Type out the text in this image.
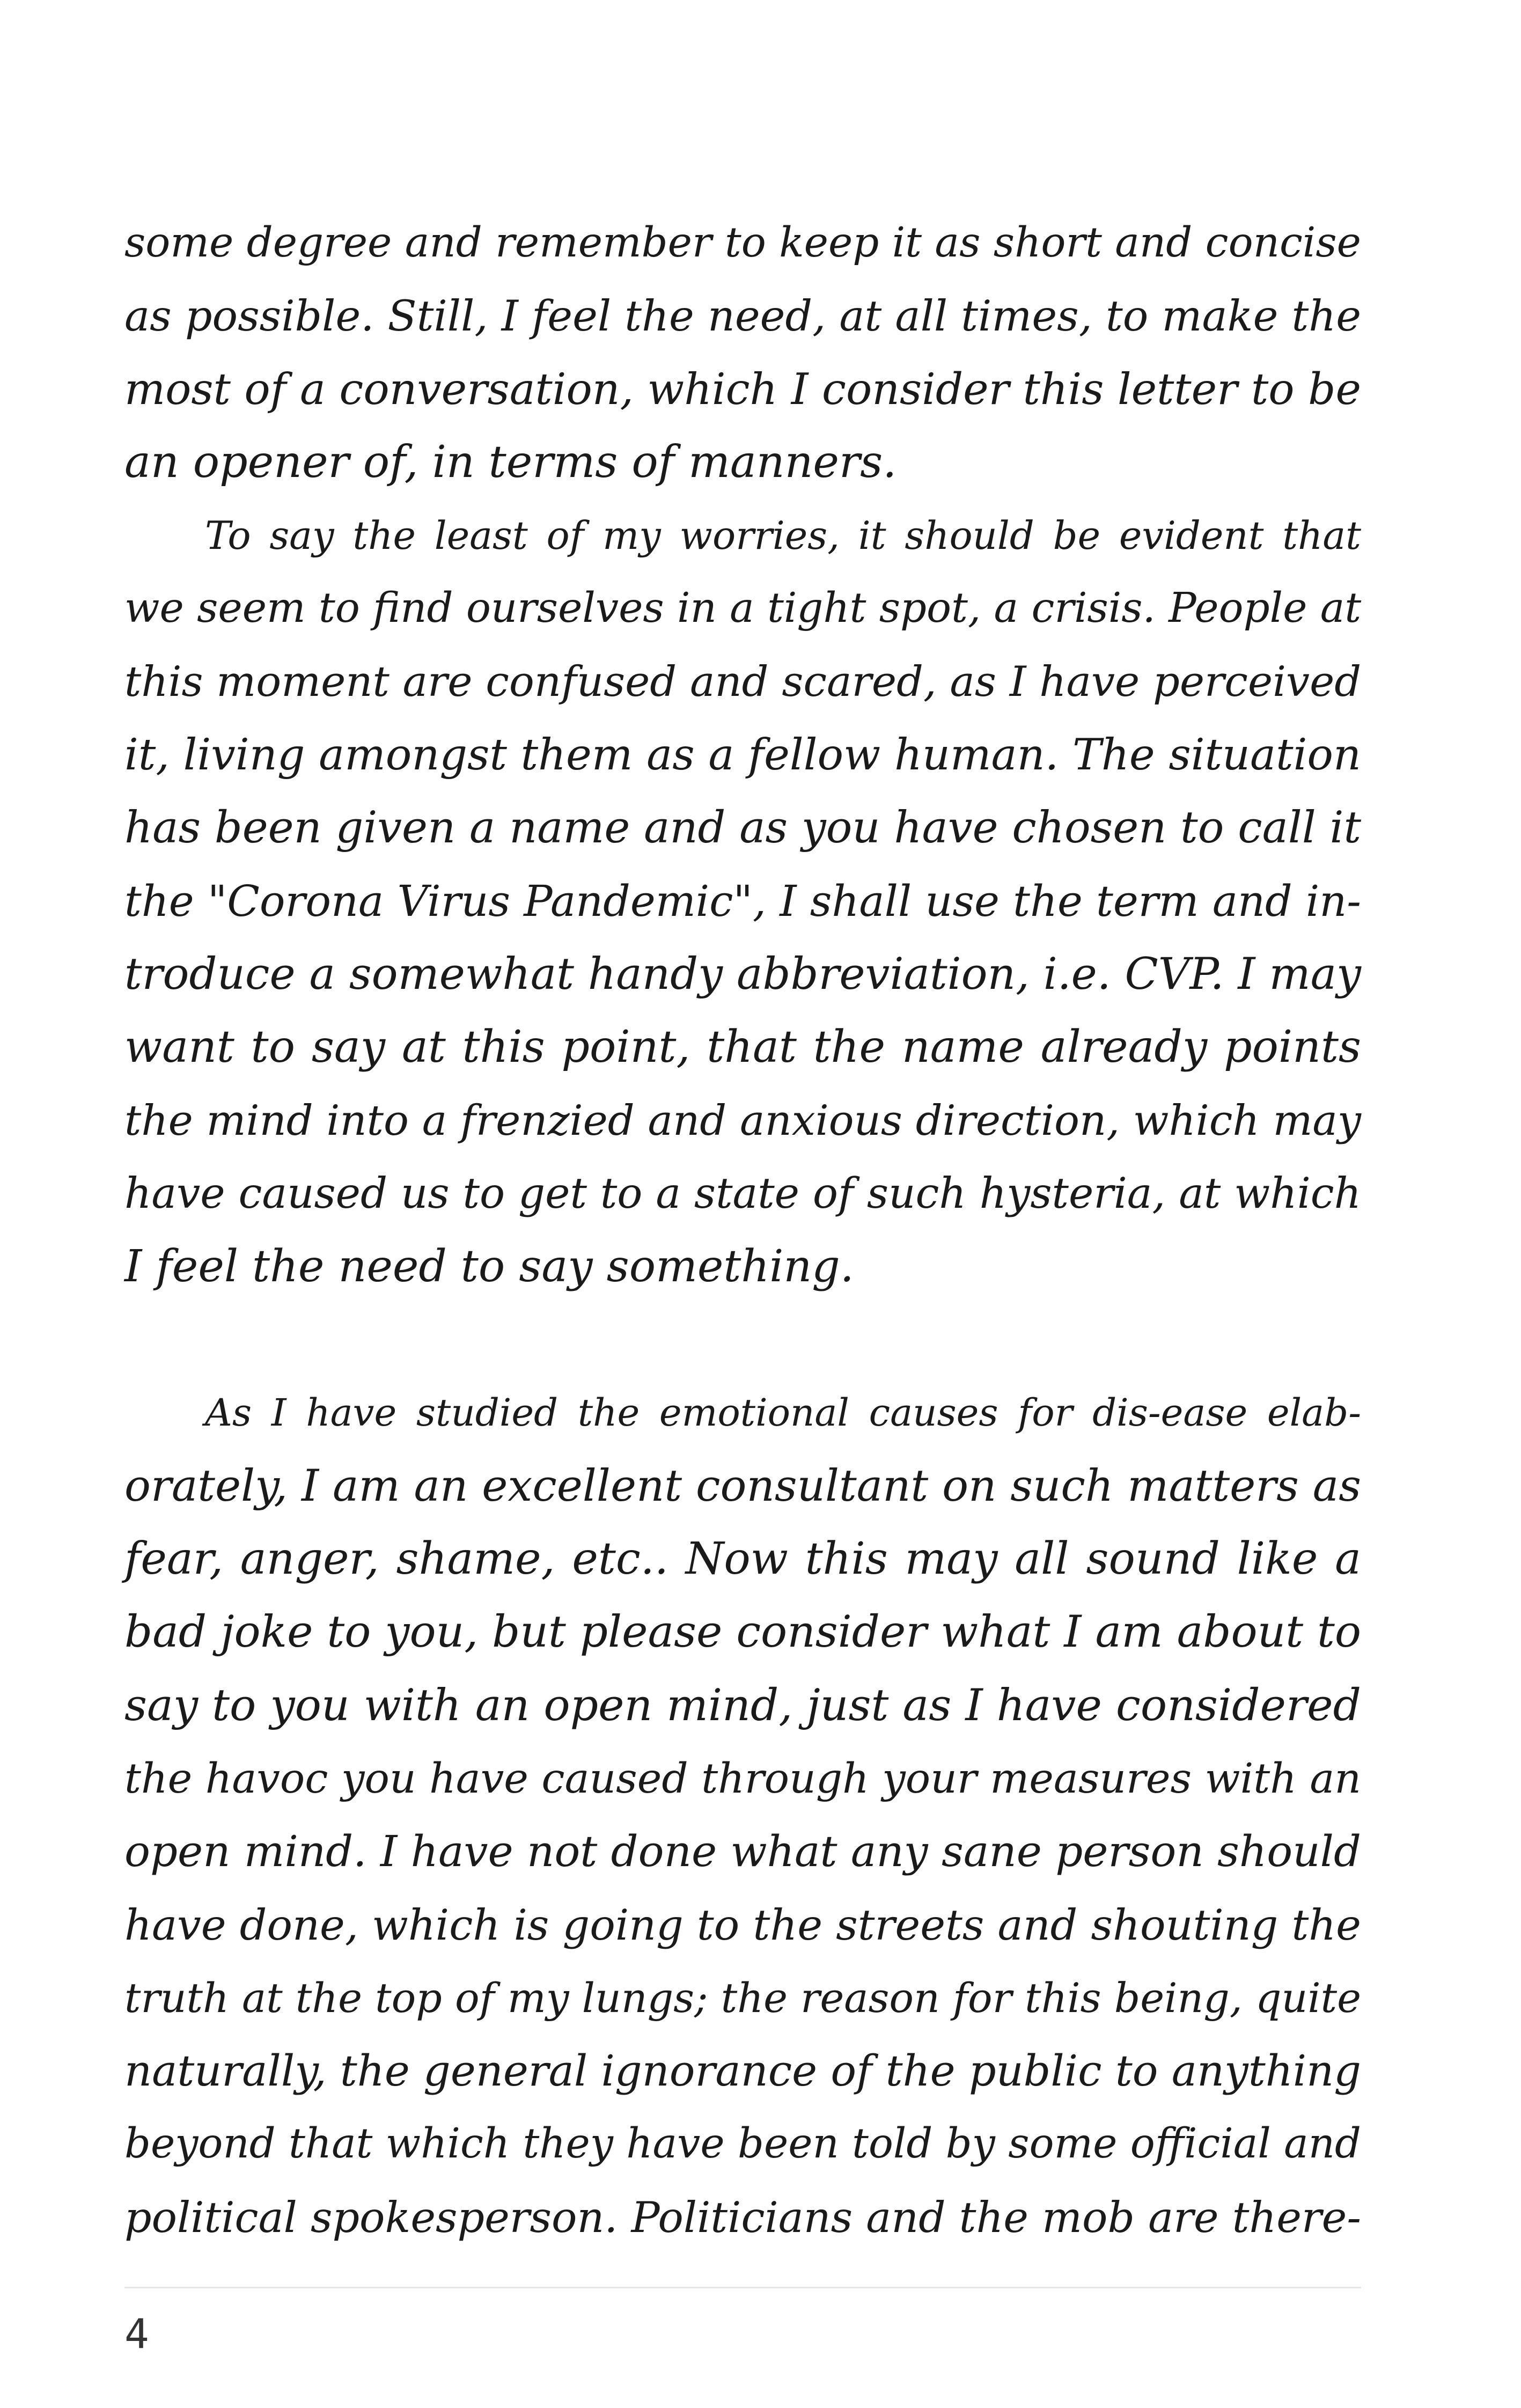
some degree and remember to keep it as short and concise
as possible. Still, I feel the need, at all times, to make the
most of a conversation, which I consider this letter to be
an opener of, in terms of manners.

To say the least of my worries, it should be evident that
we seem to find ourselves in a tight spot, a crisis. People at
this moment are confused and scared, as I have perceived
it, living amongst them as a fellow human. The situation
has been given a name and as you have chosen to call it
the "Corona Virus Pandemic", I shall use the term and in-
troduce a somewhat handy abbreviation, i.e. CVP. I may
want to say at this point, that the name already points
the mind into a frenzied and anxious direction, which may
have caused us to get to a state of such hysteria, at which
I feel the need to say something.

As I have studied the emotional causes for dis-ease elab-
orately, I am an excellent consultant on such matters as
fear, anger, shame, etc.. Now this may all sound like a
bad joke to you, but please consider what I am about to
say to you with an open mind, just as I have considered
the havoc you have caused through your measures with an
open mind. I have not done what any sane person should
have done, which is going to the streets and shouting the
truth at the top of my lungs; the reason for this being, quite
naturally, the general ignorance of the public to anything
beyond that which they have been told by some official and
political spokesperson. Politicians and the mob are there-

4
